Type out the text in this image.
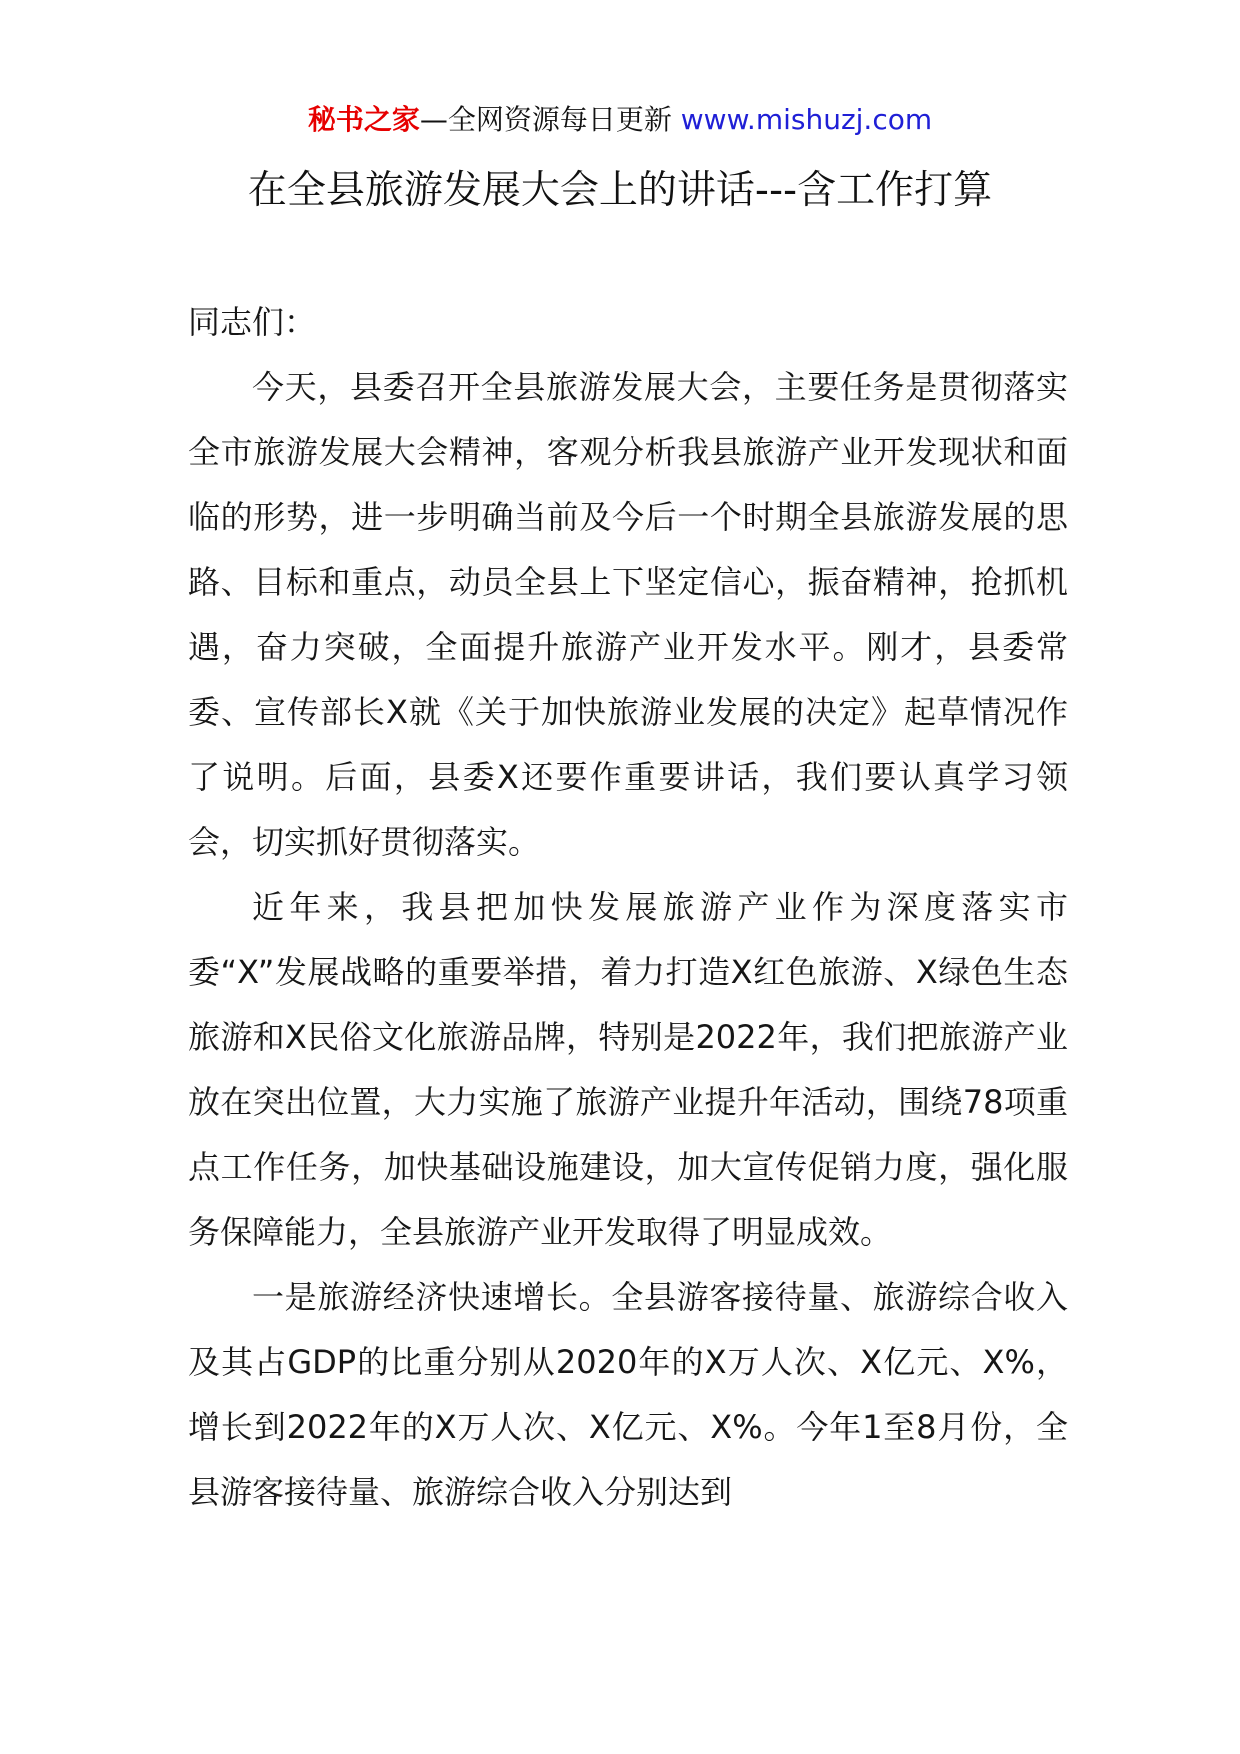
秘书之家—全网资源每日更新 www.mishuzj.com
在全县旅游发展大会上的讲话---含工作打算

同志们：

今天，县委召开全县旅游发展大会，主要任务是贯彻落实全市旅游发展大会精神，客观分析我县旅游产业开发现状和面临的形势，进一步明确当前及今后一个时期全县旅游发展的思路、目标和重点，动员全县上下坚定信心，振奋精神，抢抓机遇，奋力突破，全面提升旅游产业开发水平。刚才，县委常委、宣传部长X就《关于加快旅游业发展的决定》起草情况作了说明。后面，县委X还要作重要讲话，我们要认真学习领会，切实抓好贯彻落实。

近年来，我县把加快发展旅游产业作为深度落实市委“X”发展战略的重要举措，着力打造X红色旅游、X绿色生态旅游和X民俗文化旅游品牌，特别是2022年，我们把旅游产业放在突出位置，大力实施了旅游产业提升年活动，围绕78项重点工作任务，加快基础设施建设，加大宣传促销力度，强化服务保障能力，全县旅游产业开发取得了明显成效。

一是旅游经济快速增长。全县游客接待量、旅游综合收入及其占GDP的比重分别从2020年的X万人次、X亿元、X%，增长到2022年的X万人次、X亿元、X%。今年1至8月份，全县游客接待量、旅游综合收入分别达到
